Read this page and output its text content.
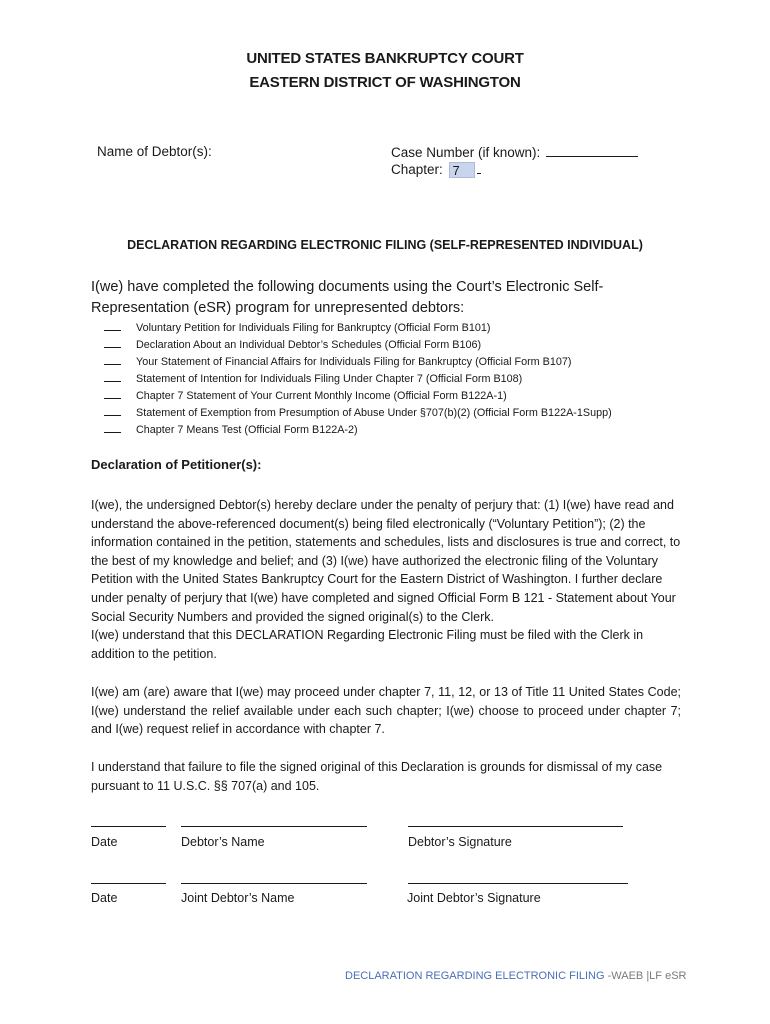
UNITED STATES BANKRUPTCY COURT
EASTERN DISTRICT OF WASHINGTON
Name of Debtor(s):	Case Number (if known):
Chapter: 7
DECLARATION REGARDING ELECTRONIC FILING (SELF-REPRESENTED INDIVIDUAL)
I(we) have completed the following documents using the Court’s Electronic Self-Representation (eSR) program for unrepresented debtors:
Voluntary Petition for Individuals Filing for Bankruptcy (Official Form B101)
Declaration About an Individual Debtor’s Schedules (Official Form B106)
Your Statement of Financial Affairs for Individuals Filing for Bankruptcy (Official Form B107)
Statement of Intention for Individuals Filing Under Chapter 7 (Official Form B108)
Chapter 7 Statement of Your Current Monthly Income (Official Form B122A-1)
Statement of Exemption from Presumption of Abuse Under §707(b)(2) (Official Form B122A-1Supp)
Chapter 7 Means Test (Official Form B122A-2)
Declaration of Petitioner(s):
I(we), the undersigned Debtor(s) hereby declare under the penalty of perjury that: (1) I(we) have read and understand the above-referenced document(s) being filed electronically (“Voluntary Petition”); (2) the information contained in the petition, statements and schedules, lists and disclosures is true and correct, to the best of my knowledge and belief; and (3) I(we) have authorized the electronic filing of the Voluntary Petition with the United States Bankruptcy Court for the Eastern District of Washington. I further declare under penalty of perjury that I(we) have completed and signed Official Form B 121 - Statement about Your Social Security Numbers and provided the signed original(s) to the Clerk.
I(we) understand that this DECLARATION Regarding Electronic Filing must be filed with the Clerk in addition to the petition.
I(we) am (are) aware that I(we) may proceed under chapter 7, 11, 12, or 13 of Title 11 United States Code; I(we) understand the relief available under each such chapter; I(we) choose to proceed under chapter 7; and I(we) request relief in accordance with chapter 7.
I understand that failure to file the signed original of this Declaration is grounds for dismissal of my case pursuant to 11 U.S.C. §§ 707(a) and 105.
Date	Debtor’s Name	Debtor’s Signature
Date	Joint Debtor’s Name	Joint Debtor’s Signature
DECLARATION REGARDING ELECTRONIC FILING -WAEB |LF eSR
